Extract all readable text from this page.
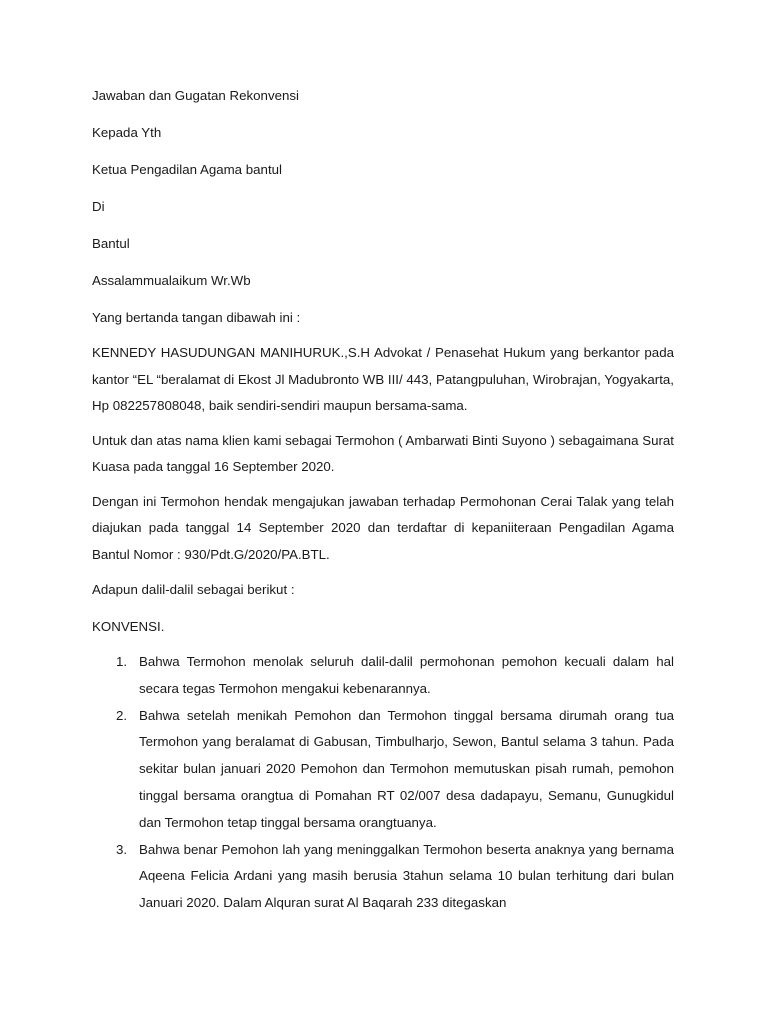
Jawaban dan Gugatan Rekonvensi
Kepada Yth
Ketua Pengadilan Agama bantul
Di
Bantul
Assalammualaikum Wr.Wb
Yang bertanda tangan dibawah ini :

KENNEDY HASUDUNGAN MANIHURUK.,S.H Advokat / Penasehat Hukum yang berkantor pada kantor “EL “beralamat di Ekost Jl Madubronto WB III/ 443, Patangpuluhan, Wirobrajan, Yogyakarta, Hp 082257808048, baik sendiri-sendiri maupun bersama-sama.

Untuk dan atas nama klien kami sebagai Termohon ( Ambarwati Binti Suyono ) sebagaimana Surat Kuasa pada tanggal 16 September 2020.

Dengan ini Termohon hendak mengajukan jawaban terhadap Permohonan Cerai Talak yang telah diajukan pada tanggal 14 September 2020 dan terdaftar di kepaniiteraan Pengadilan Agama Bantul Nomor : 930/Pdt.G/2020/PA.BTL.

Adapun dalil-dalil sebagai berikut :
KONVENSI.
1. Bahwa Termohon menolak seluruh dalil-dalil permohonan pemohon kecuali dalam hal secara tegas Termohon mengakui kebenarannya.
2. Bahwa setelah menikah Pemohon dan Termohon tinggal bersama dirumah orang tua Termohon yang beralamat di Gabusan, Timbulharjo, Sewon, Bantul selama 3 tahun. Pada sekitar bulan januari 2020 Pemohon dan Termohon memutuskan pisah rumah, pemohon tinggal bersama orangtua di Pomahan RT 02/007 desa dadapayu, Semanu, Gunugkidul dan Termohon tetap tinggal bersama orangtuanya.
3. Bahwa benar Pemohon lah yang meninggalkan Termohon beserta anaknya yang bernama Aqeena Felicia Ardani yang masih berusia 3tahun selama 10 bulan terhitung dari bulan Januari 2020. Dalam Alquran surat Al Baqarah 233 ditegaskan
